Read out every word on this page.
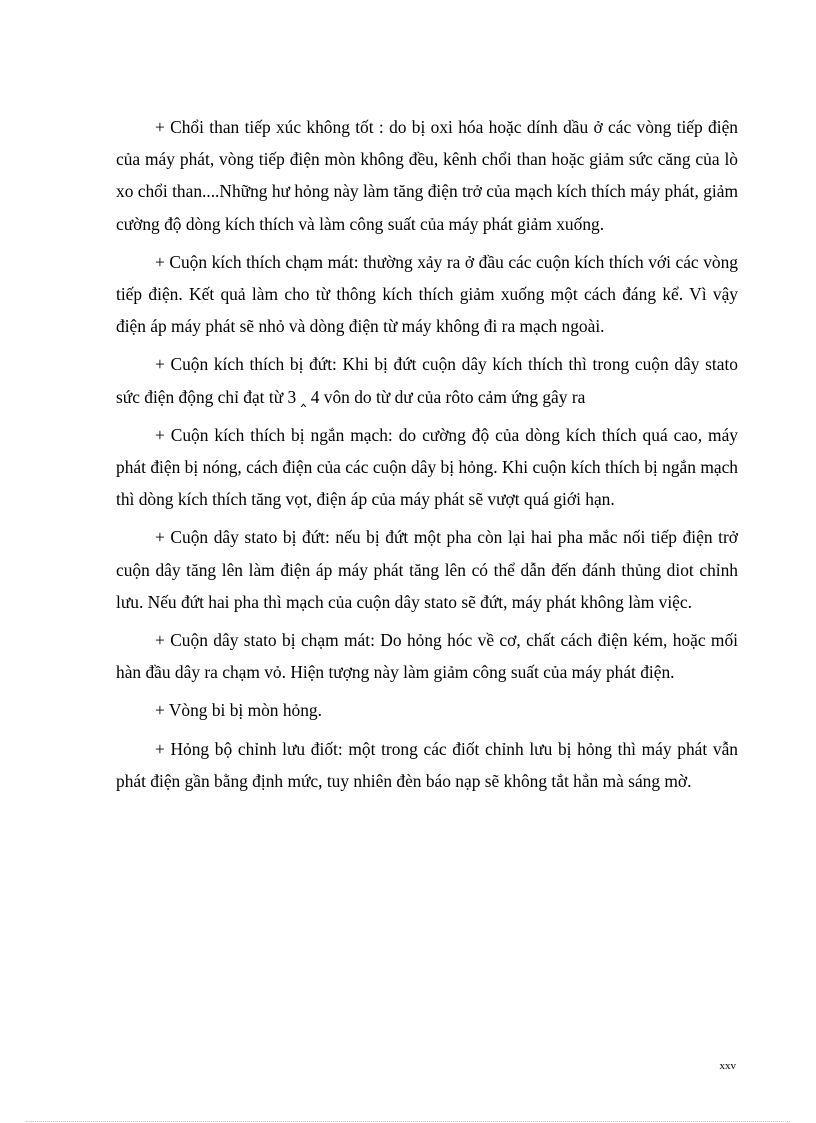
+ Chổi than tiếp xúc không tốt : do bị oxi hóa hoặc dính dầu ở các vòng tiếp điện của máy phát, vòng tiếp điện mòn không đều, kênh chổi than hoặc giảm sức căng của lò xo chổi than....Những hư hỏng này làm tăng điện trở của mạch kích thích máy phát, giảm cường độ dòng kích thích và làm công suất của máy phát giảm xuống.

+ Cuộn kích thích chạm mát: thường xảy ra ở đầu các cuộn kích thích với các vòng tiếp điện. Kết quả làm cho từ thông kích thích giảm xuống một cách đáng kể. Vì vậy điện áp máy phát sẽ nhỏ và dòng điện từ máy không đi ra mạch ngoài.

+ Cuộn kích thích bị đứt: Khi bị đứt cuộn dây kích thích thì trong cuộn dây stato sức điện động chỉ đạt từ 3 ‸ 4 vôn do từ dư của rôto cảm ứng gây ra

+ Cuộn kích thích bị ngắn mạch: do cường độ của dòng kích thích quá cao, máy phát điện bị nóng, cách điện của các cuộn dây bị hỏng. Khi cuộn kích thích bị ngắn mạch thì dòng kích thích tăng vọt, điện áp của máy phát sẽ vượt quá giới hạn.

+ Cuộn dây stato bị đứt: nếu bị đứt một pha còn lại hai pha mắc nối tiếp điện trở cuộn dây tăng lên làm điện áp máy phát tăng lên có thể dẫn đến đánh thủng diot chỉnh lưu. Nếu đứt hai pha thì mạch của cuộn dây stato sẽ đứt, máy phát không làm việc.

+ Cuộn dây stato bị chạm mát: Do hỏng hóc về cơ, chất cách điện kém, hoặc mối hàn đầu dây ra chạm vỏ. Hiện tượng này làm giảm công suất của máy phát điện.

+ Vòng bi bị mòn hỏng.

+ Hỏng bộ chỉnh lưu điốt: một trong các điốt chỉnh lưu bị hỏng thì máy phát vẫn phát điện gần bằng định mức, tuy nhiên đèn báo nạp sẽ không tắt hẳn mà sáng mờ.

xxv
